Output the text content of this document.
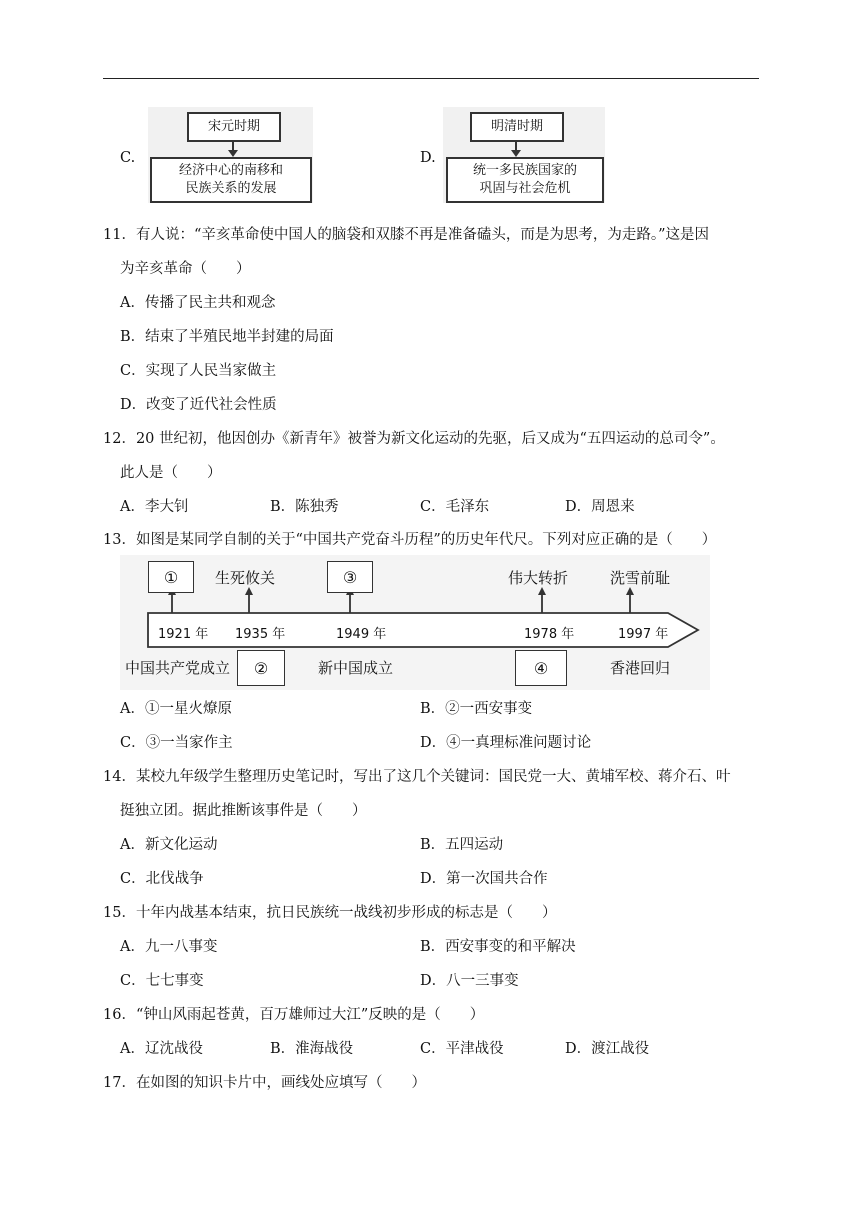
C.
宋元时期
经济中心的南移和
民族关系的发展
D.
明清时期
统一多民族国家的
巩固与社会危机
11．有人说：“辛亥革命使中国人的脑袋和双膝不再是准备磕头，而是为思考，为走路。”这是因
为辛亥革命（　　）
A．传播了民主共和观念
B．结束了半殖民地半封建的局面
C．实现了人民当家做主
D．改变了近代社会性质
12．20 世纪初，他因创办《新青年》被誉为新文化运动的先驱，后又成为“五四运动的总司令”。
此人是（　　）
A．李大钊	B．陈独秀	C．毛泽东	D．周恩来
13．如图是某同学自制的关于“中国共产党奋斗历程”的历史年代尺。下列对应正确的是（　　）
①	生死攸关	③	伟大转折	洗雪前耻
1921 年 1935 年	1949 年	1978 年	1997 年
中国共产党成立	②	新中国成立	④	香港回归
A．①一星火燎原	B．②一西安事变
C．③一当家作主	D．④一真理标准问题讨论
14．某校九年级学生整理历史笔记时，写出了这几个关键词：国民党一大、黄埔军校、蒋介石、叶
挺独立团。据此推断该事件是（　　）
A．新文化运动	B．五四运动
C．北伐战争	D．第一次国共合作
15．十年内战基本结束，抗日民族统一战线初步形成的标志是（　　）
A．九一八事变	B．西安事变的和平解决
C．七七事变	D．八一三事变
16．“钟山风雨起苍黄，百万雄师过大江”反映的是（　　）
A．辽沈战役	B．淮海战役	C．平津战役	D．渡江战役
17．在如图的知识卡片中，画线处应填写（　　）
